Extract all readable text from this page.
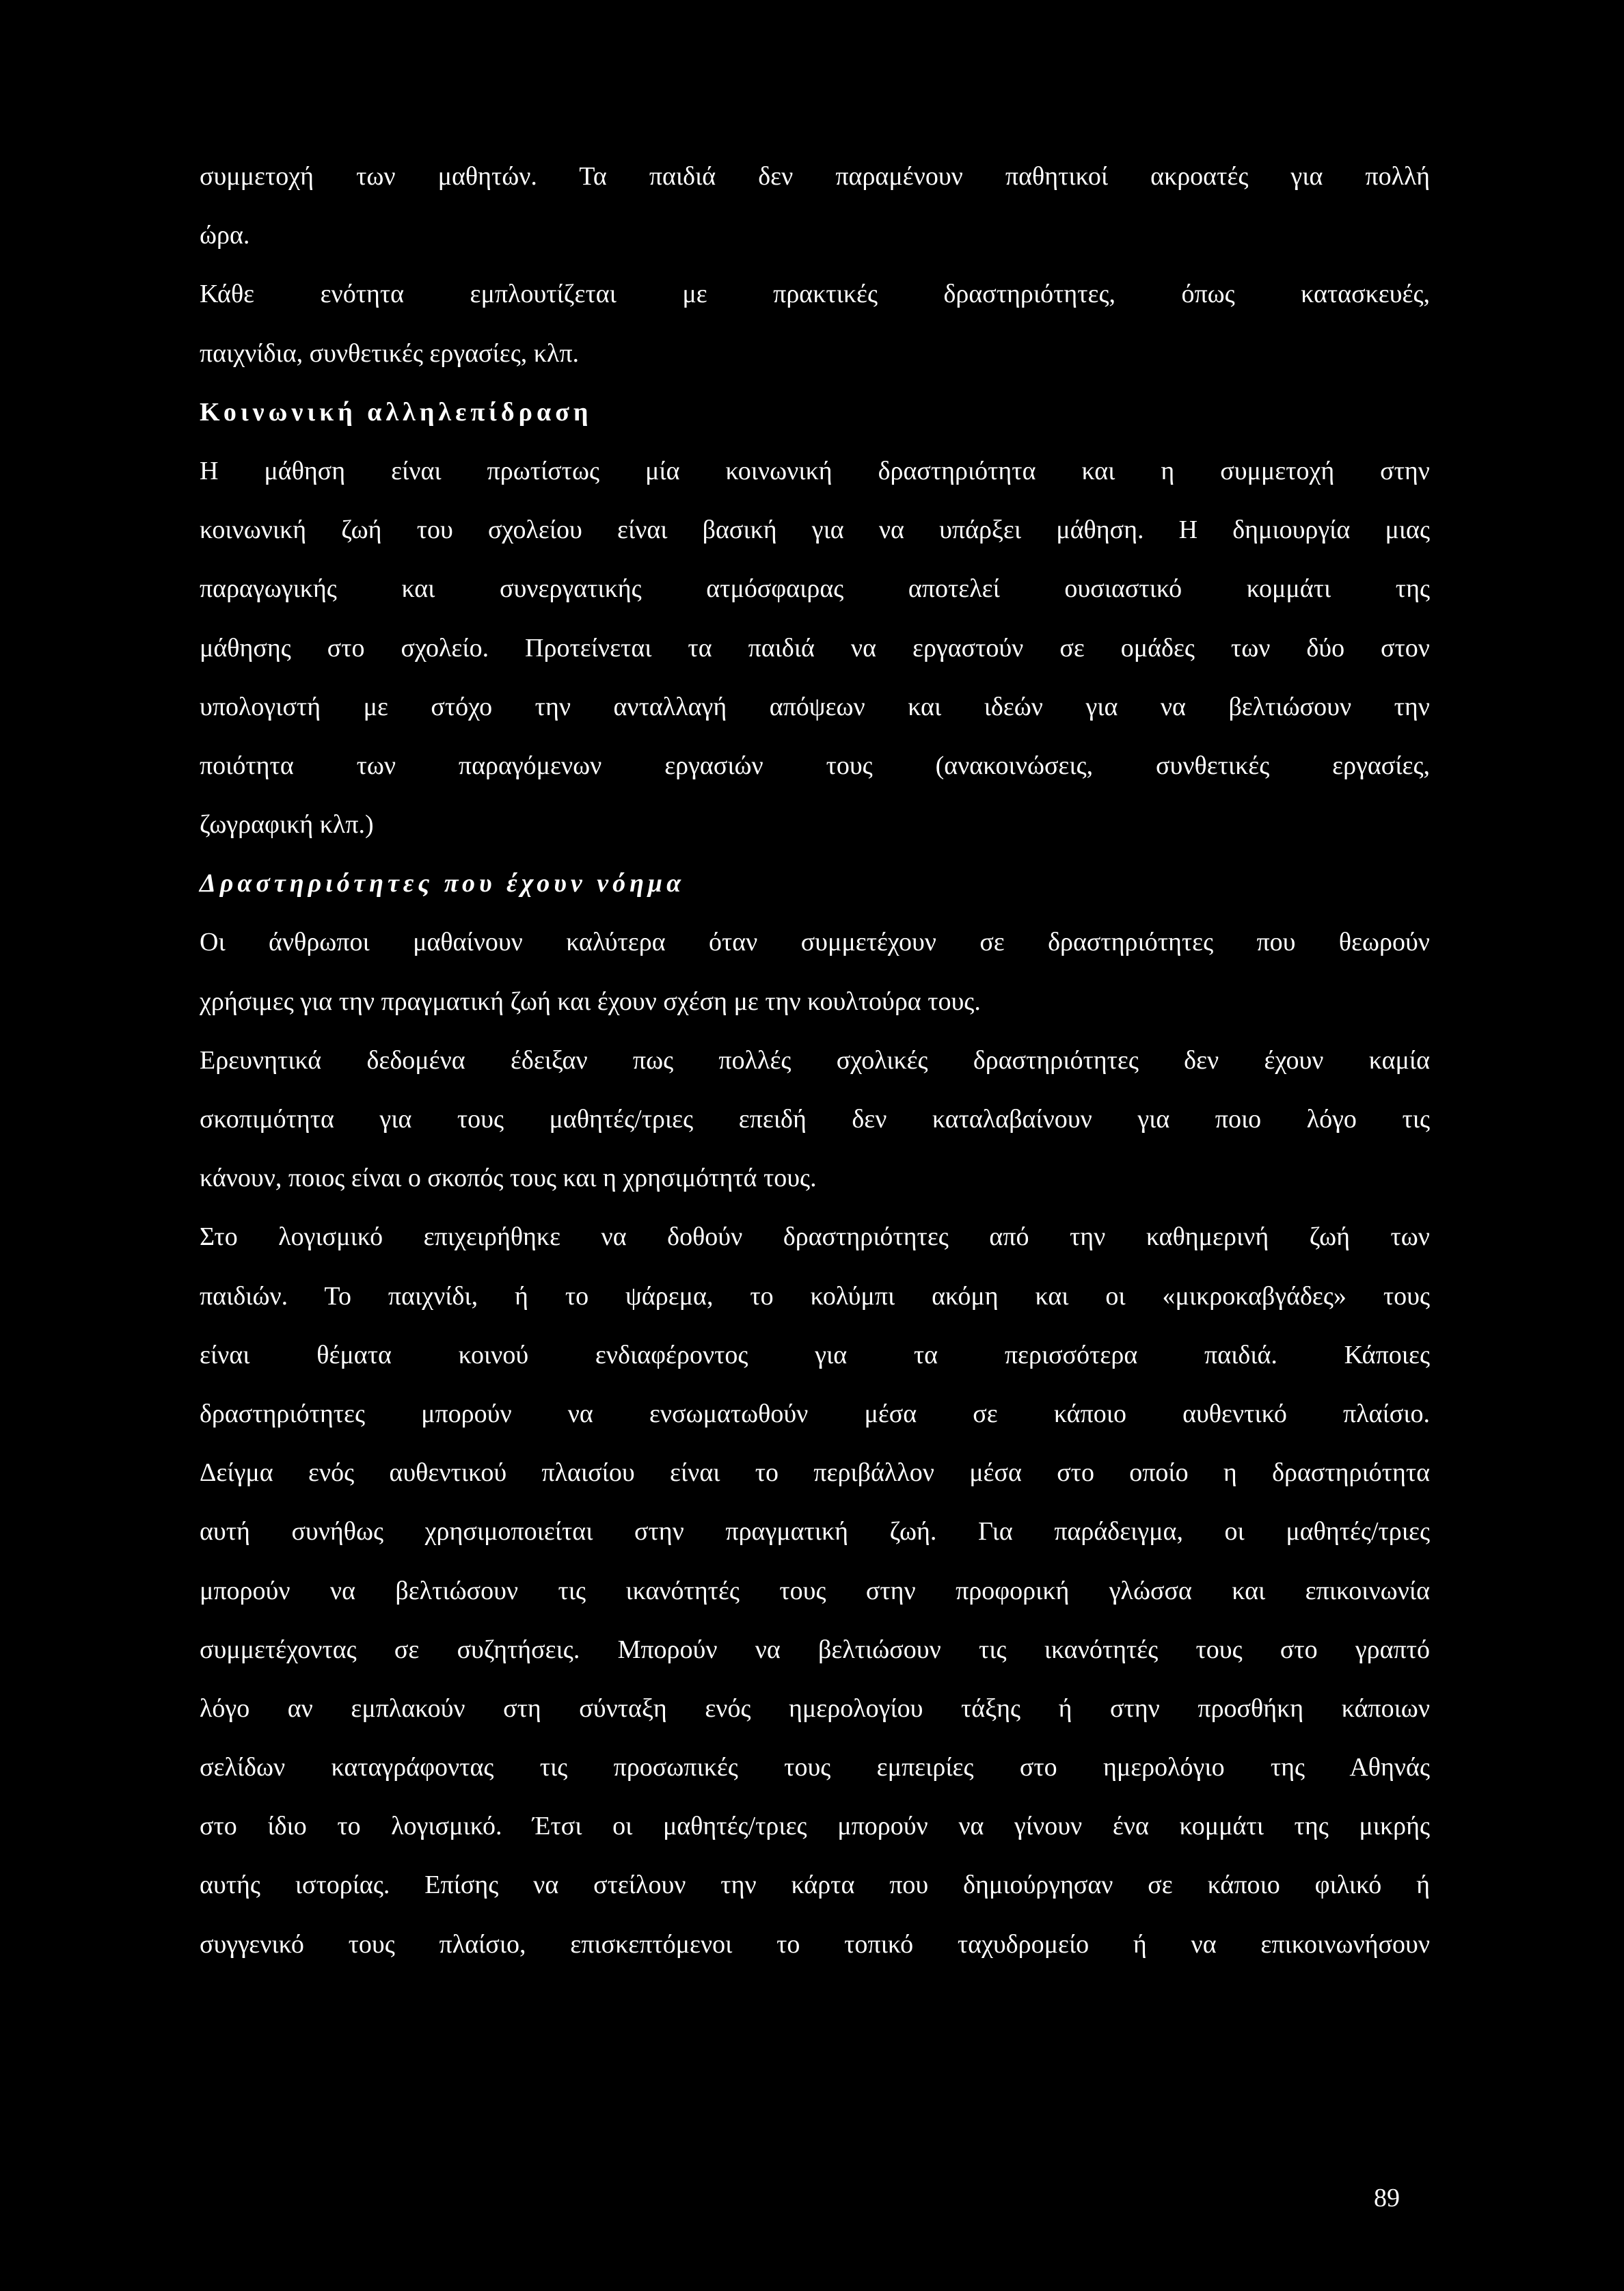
συμμετοχή των μαθητών. Τα παιδιά δεν παραμένουν παθητικοί ακροατές για πολλή
ώρα.
Κάθε ενότητα εμπλουτίζεται με πρακτικές δραστηριότητες, όπως κατασκευές,
παιχνίδια, συνθετικές εργασίες, κλπ.
Κοινωνική αλληλεπίδραση
Η μάθηση είναι πρωτίστως μία κοινωνική δραστηριότητα και η συμμετοχή στην
κοινωνική ζωή του σχολείου είναι βασική για να υπάρξει μάθηση. Η δημιουργία μιας
παραγωγικής και συνεργατικής ατμόσφαιρας αποτελεί ουσιαστικό κομμάτι της
μάθησης στο σχολείο. Προτείνεται τα παιδιά να εργαστούν σε ομάδες των δύο στον
υπολογιστή με στόχο την ανταλλαγή απόψεων και ιδεών για να βελτιώσουν την
ποιότητα των παραγόμενων εργασιών τους (ανακοινώσεις, συνθετικές εργασίες,
ζωγραφική κλπ.)
Δραστηριότητες που έχουν νόημα
Οι άνθρωποι μαθαίνουν καλύτερα όταν συμμετέχουν σε δραστηριότητες που θεωρούν
χρήσιμες για την πραγματική ζωή και έχουν σχέση με την κουλτούρα τους.
Ερευνητικά δεδομένα έδειξαν πως πολλές σχολικές δραστηριότητες δεν έχουν καμία
σκοπιμότητα για τους μαθητές/τριες επειδή δεν καταλαβαίνουν για ποιο λόγο τις
κάνουν, ποιος είναι ο σκοπός τους και η χρησιμότητά τους.
Στο λογισμικό επιχειρήθηκε να δοθούν δραστηριότητες από την καθημερινή ζωή των
παιδιών. Το παιχνίδι, ή το ψάρεμα, το κολύμπι ακόμη και οι «μικροκαβγάδες» τους
είναι θέματα κοινού ενδιαφέροντος για τα περισσότερα παιδιά. Κάποιες
δραστηριότητες μπορούν να ενσωματωθούν μέσα σε κάποιο αυθεντικό πλαίσιο.
Δείγμα ενός αυθεντικού πλαισίου είναι το περιβάλλον μέσα στο οποίο η δραστηριότητα
αυτή συνήθως χρησιμοποιείται στην πραγματική ζωή. Για παράδειγμα, οι μαθητές/τριες
μπορούν να βελτιώσουν τις ικανότητές τους στην προφορική γλώσσα και επικοινωνία
συμμετέχοντας σε συζητήσεις. Μπορούν να βελτιώσουν τις ικανότητές τους στο γραπτό
λόγο αν εμπλακούν στη σύνταξη ενός ημερολογίου τάξης ή στην προσθήκη κάποιων
σελίδων καταγράφοντας τις προσωπικές τους εμπειρίες στο ημερολόγιο της Αθηνάς
στο ίδιο το λογισμικό. Έτσι οι μαθητές/τριες μπορούν να γίνουν ένα κομμάτι της μικρής
αυτής ιστορίας. Επίσης να στείλουν την κάρτα που δημιούργησαν σε κάποιο φιλικό ή
συγγενικό τους πλαίσιο, επισκεπτόμενοι το τοπικό ταχυδρομείο ή να επικοινωνήσουν
89
